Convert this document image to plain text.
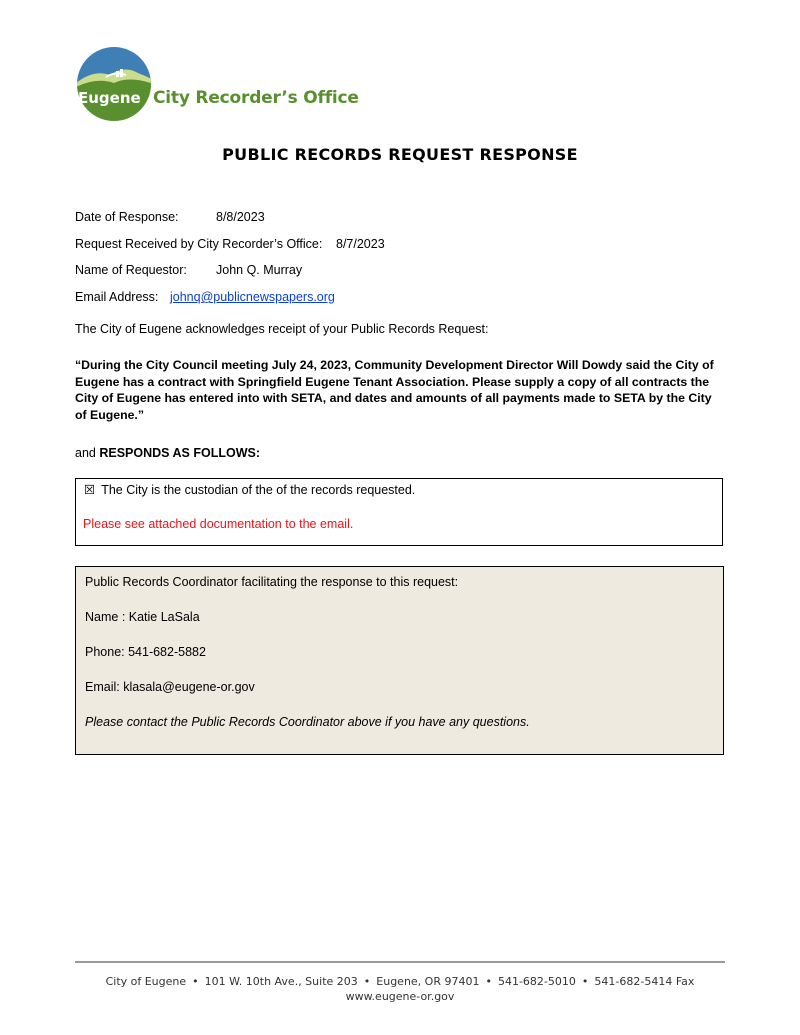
Eugene City Recorder’s Office
PUBLIC RECORDS REQUEST RESPONSE
Date of Response:	8/8/2023
Request Received by City Recorder’s Office: 8/7/2023
Name of Requestor: John Q. Murray
Email Address: johnq@publicnewspapers.org
The City of Eugene acknowledges receipt of your Public Records Request:
“During the City Council meeting July 24, 2023, Community Development Director Will Dowdy said the City of Eugene has a contract with Springfield Eugene Tenant Association. Please supply a copy of all contracts the City of Eugene has entered into with SETA, and dates and amounts of all payments made to SETA by the City of Eugene.”
and RESPONDS AS FOLLOWS:
☒ The City is the custodian of the of the records requested.
Please see attached documentation to the email.
Public Records Coordinator facilitating the response to this request:
Name : Katie LaSala
Phone: 541-682-5882
Email: klasala@eugene-or.gov
Please contact the Public Records Coordinator above if you have any questions.
City of Eugene • 101 W. 10th Ave., Suite 203 • Eugene, OR 97401 • 541-682-5010 • 541-682-5414 Fax
www.eugene-or.gov
